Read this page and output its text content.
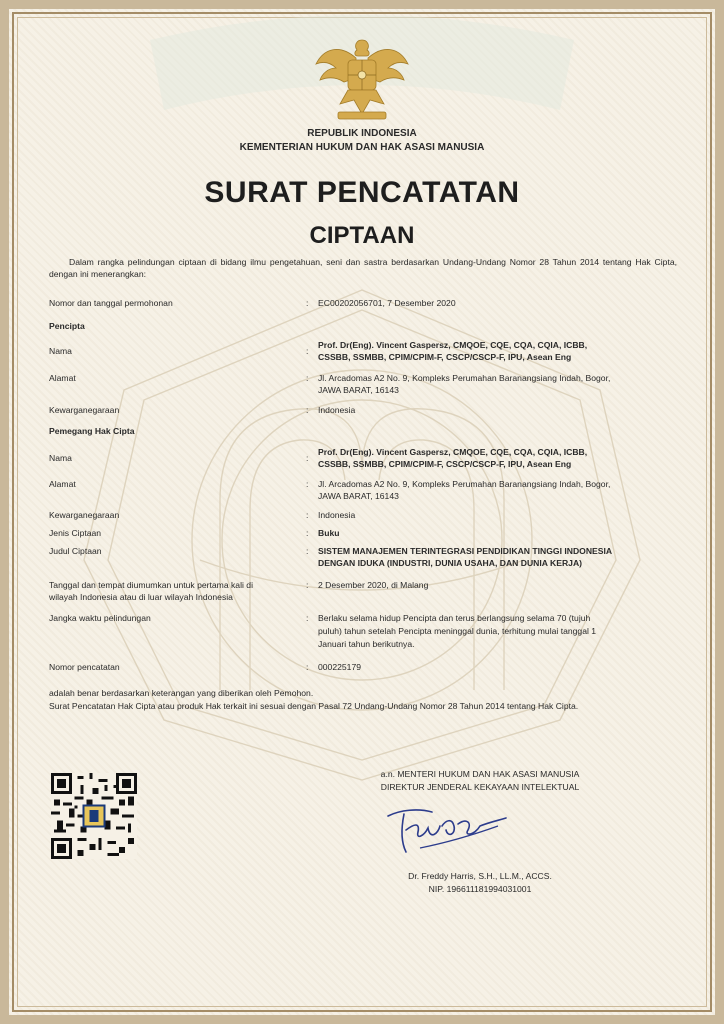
REPUBLIK INDONESIA
KEMENTERIAN HUKUM DAN HAK ASASI MANUSIA
SURAT PENCATATAN
CIPTAAN
Dalam rangka pelindungan ciptaan di bidang ilmu pengetahuan, seni dan sastra berdasarkan Undang-Undang Nomor 28 Tahun 2014 tentang Hak Cipta, dengan ini menerangkan:
Nomor dan tanggal permohonan	:	EC00202056701, 7 Desember 2020
Pencipta
Nama	:
Prof. Dr(Eng). Vincent Gaspersz, CMQOE, CQE, CQA, CQIA, ICBB,
CSSBB, SSMBB, CPIM/CPIM-F, CSCP/CSCP-F, IPU, Asean Eng
Alamat	:	Jl. Arcadomas A2 No. 9, Kompleks Perumahan Baranangsiang Indah, Bogor,
JAWA BARAT, 16143
Kewarganegaraan	:	Indonesia
Pemegang Hak Cipta
Nama	:
Prof. Dr(Eng). Vincent Gaspersz, CMQOE, CQE, CQA, CQIA, ICBB,
CSSBB, SSMBB, CPIM/CPIM-F, CSCP/CSCP-F, IPU, Asean Eng
Alamat	:	Jl. Arcadomas A2 No. 9, Kompleks Perumahan Baranangsiang Indah, Bogor,
JAWA BARAT, 16143
Kewarganegaraan	:	Indonesia
Jenis Ciptaan	:	Buku
Judul Ciptaan	:	SISTEM MANAJEMEN TERINTEGRASI PENDIDIKAN TINGGI INDONESIA
DENGAN IDUKA (INDUSTRI, DUNIA USAHA, DAN DUNIA KERJA)
Tanggal dan tempat diumumkan untuk pertama kali di
wilayah Indonesia atau di luar wilayah Indonesia
:	2 Desember 2020, di Malang
Jangka waktu pelindungan	:	Berlaku selama hidup Pencipta dan terus berlangsung selama 70 (tujuh
puluh) tahun setelah Pencipta meninggal dunia, terhitung mulai tanggal 1
Januari tahun berikutnya.
Nomor pencatatan	:	000225179
adalah benar berdasarkan keterangan yang diberikan oleh Pemohon.
Surat Pencatatan Hak Cipta atau produk Hak terkait ini sesuai dengan Pasal 72 Undang-Undang Nomor 28 Tahun 2014 tentang Hak Cipta.
a.n. MENTERI HUKUM DAN HAK ASASI MANUSIA
DIREKTUR JENDERAL KEKAYAAN INTELEKTUAL
Dr. Freddy Harris, S.H., LL.M., ACCS.
NIP. 196611181994031001
